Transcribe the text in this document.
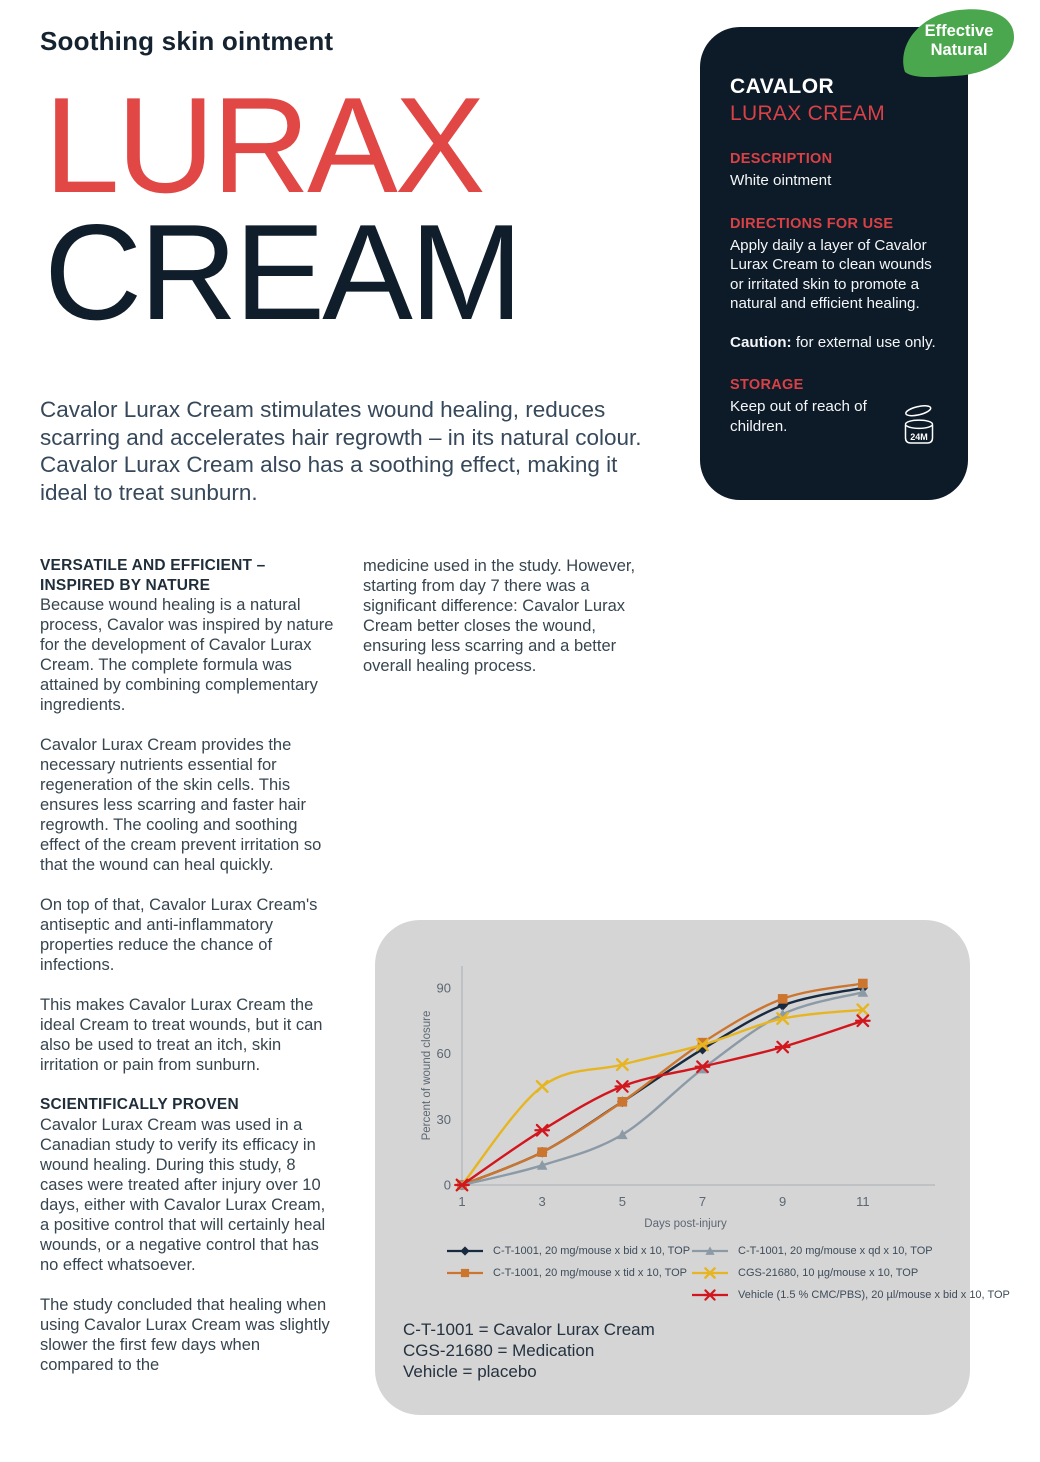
Soothing skin ointment
LURAX
CREAM
Cavalor Lurax Cream stimulates wound healing, reduces scarring and accelerates hair regrowth – in its natural colour. Cavalor Lurax Cream also has a soothing effect, making it ideal to treat sunburn.
CAVALOR
LURAX CREAM
DESCRIPTION
White ointment
DIRECTIONS FOR USE
Apply daily a layer of Cavalor Lurax Cream to clean wounds or irritated skin to promote a natural and efficient healing.
Caution: for external use only.
STORAGE
Keep out of reach of children.
24M
Effective
Natural
VERSATILE AND EFFICIENT –
INSPIRED BY NATURE

Because wound healing is a natural process, Cavalor was inspired by nature for the development of Cavalor Lurax Cream. The complete formula was attained by combining complementary ingredients.

Cavalor Lurax Cream provides the necessary nutrients essential for regeneration of the skin cells. This ensures less scarring and faster hair regrowth. The cooling and soothing effect of the cream prevent irritation so that the wound can heal quickly.

On top of that, Cavalor Lurax Cream's antiseptic and anti-inflammatory properties reduce the chance of infections.

This makes Cavalor Lurax Cream the ideal Cream to treat wounds, but it can also be used to treat an itch, skin irritation or pain from sunburn.

SCIENTIFICALLY PROVEN

Cavalor Lurax Cream was used in a Canadian study to verify its efficacy in wound healing. During this study, 8 cases were treated after injury over 10 days, either with Cavalor Lurax Cream, a positive control that will certainly heal wounds, or a negative control that has no effect whatsoever.

The study concluded that healing when using Cavalor Lurax Cream was slightly slower the first few days when compared to the

medicine used in the study. However, starting from day 7 there was a significant difference: Cavalor Lurax Cream better closes the wound, ensuring less scarring and a better overall healing process.

0
30
60
90
1	3	5	7	9	11
Percent of wound closure
Days post-injury
C-T-1001, 20 mg/mouse x bid x 10, TOP
C-T-1001, 20 mg/mouse x tid x 10, TOP
C-T-1001, 20 mg/mouse x qd x 10, TOP
CGS-21680, 10 µg/mouse x 10, TOP
Vehicle (1.5 % CMC/PBS), 20 µl/mouse x bid x 10, TOP
C-T-1001 = Cavalor Lurax Cream
CGS-21680 = Medication
Vehicle = placebo
